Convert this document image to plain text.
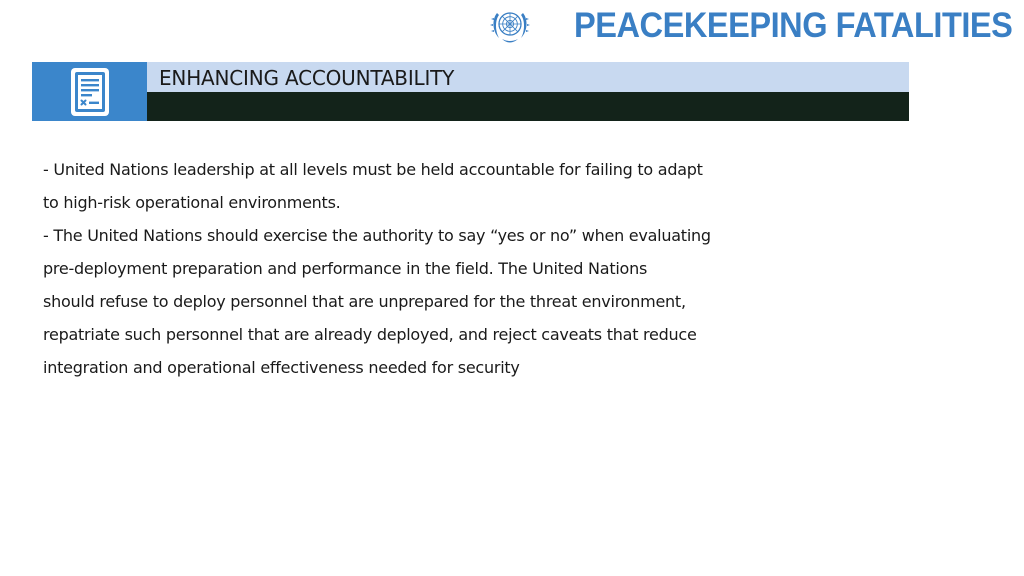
PEACEKEEPING FATALITIES
ENHANCING ACCOUNTABILITY
- United Nations leadership at all levels must be held accountable for failing to adapt
to high-risk operational environments.
- The United Nations should exercise the authority to say “yes or no” when evaluating
pre-deployment preparation and performance in the field. The United Nations
should refuse to deploy personnel that are unprepared for the threat environment,
repatriate such personnel that are already deployed, and reject caveats that reduce
integration and operational effectiveness needed for security
